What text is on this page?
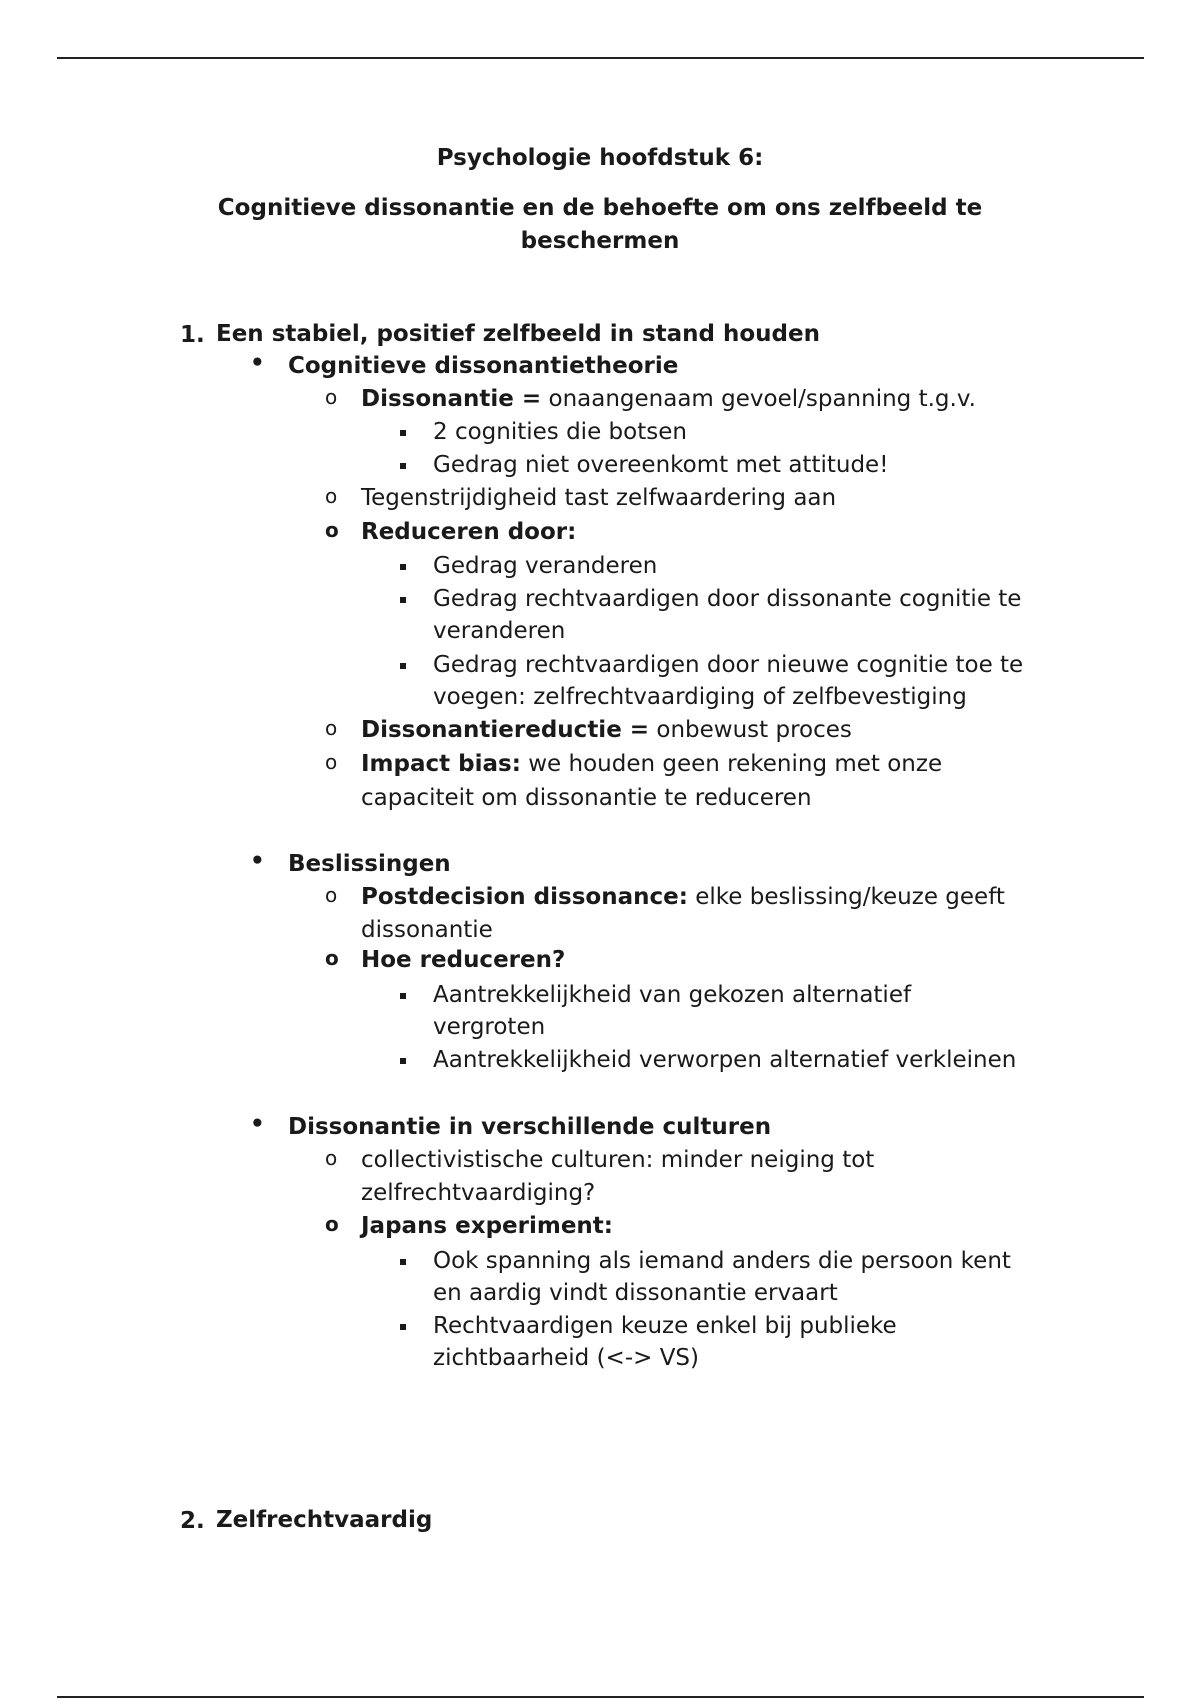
Psychologie hoofdstuk 6:
Cognitieve dissonantie en de behoefte om ons zelfbeeld te beschermen
1. Een stabiel, positief zelfbeeld in stand houden
• Cognitieve dissonantietheorie
o Dissonantie = onaangenaam gevoel/spanning t.g.v.
2 cognities die botsen
Gedrag niet overeenkomt met attitude!
o Tegenstrijdigheid tast zelfwaardering aan
o Reduceren door:
Gedrag veranderen
Gedrag rechtvaardigen door dissonante cognitie te
veranderen
Gedrag rechtvaardigen door nieuwe cognitie toe te
voegen: zelfrechtvaardiging of zelfbevestiging
o Dissonantiereductie = onbewust proces
o Impact bias: we houden geen rekening met onze
capaciteit om dissonantie te reduceren
• Beslissingen
o Postdecision dissonance: elke beslissing/keuze geeft
dissonantie
o Hoe reduceren?
Aantrekkelijkheid van gekozen alternatief
vergroten
Aantrekkelijkheid verworpen alternatief verkleinen
• Dissonantie in verschillende culturen
o collectivistische culturen: minder neiging tot
zelfrechtvaardiging?
o Japans experiment:
Ook spanning als iemand anders die persoon kent
en aardig vindt dissonantie ervaart
Rechtvaardigen keuze enkel bij publieke
zichtbaarheid (<-> VS)
2. Zelfrechtvaardig
